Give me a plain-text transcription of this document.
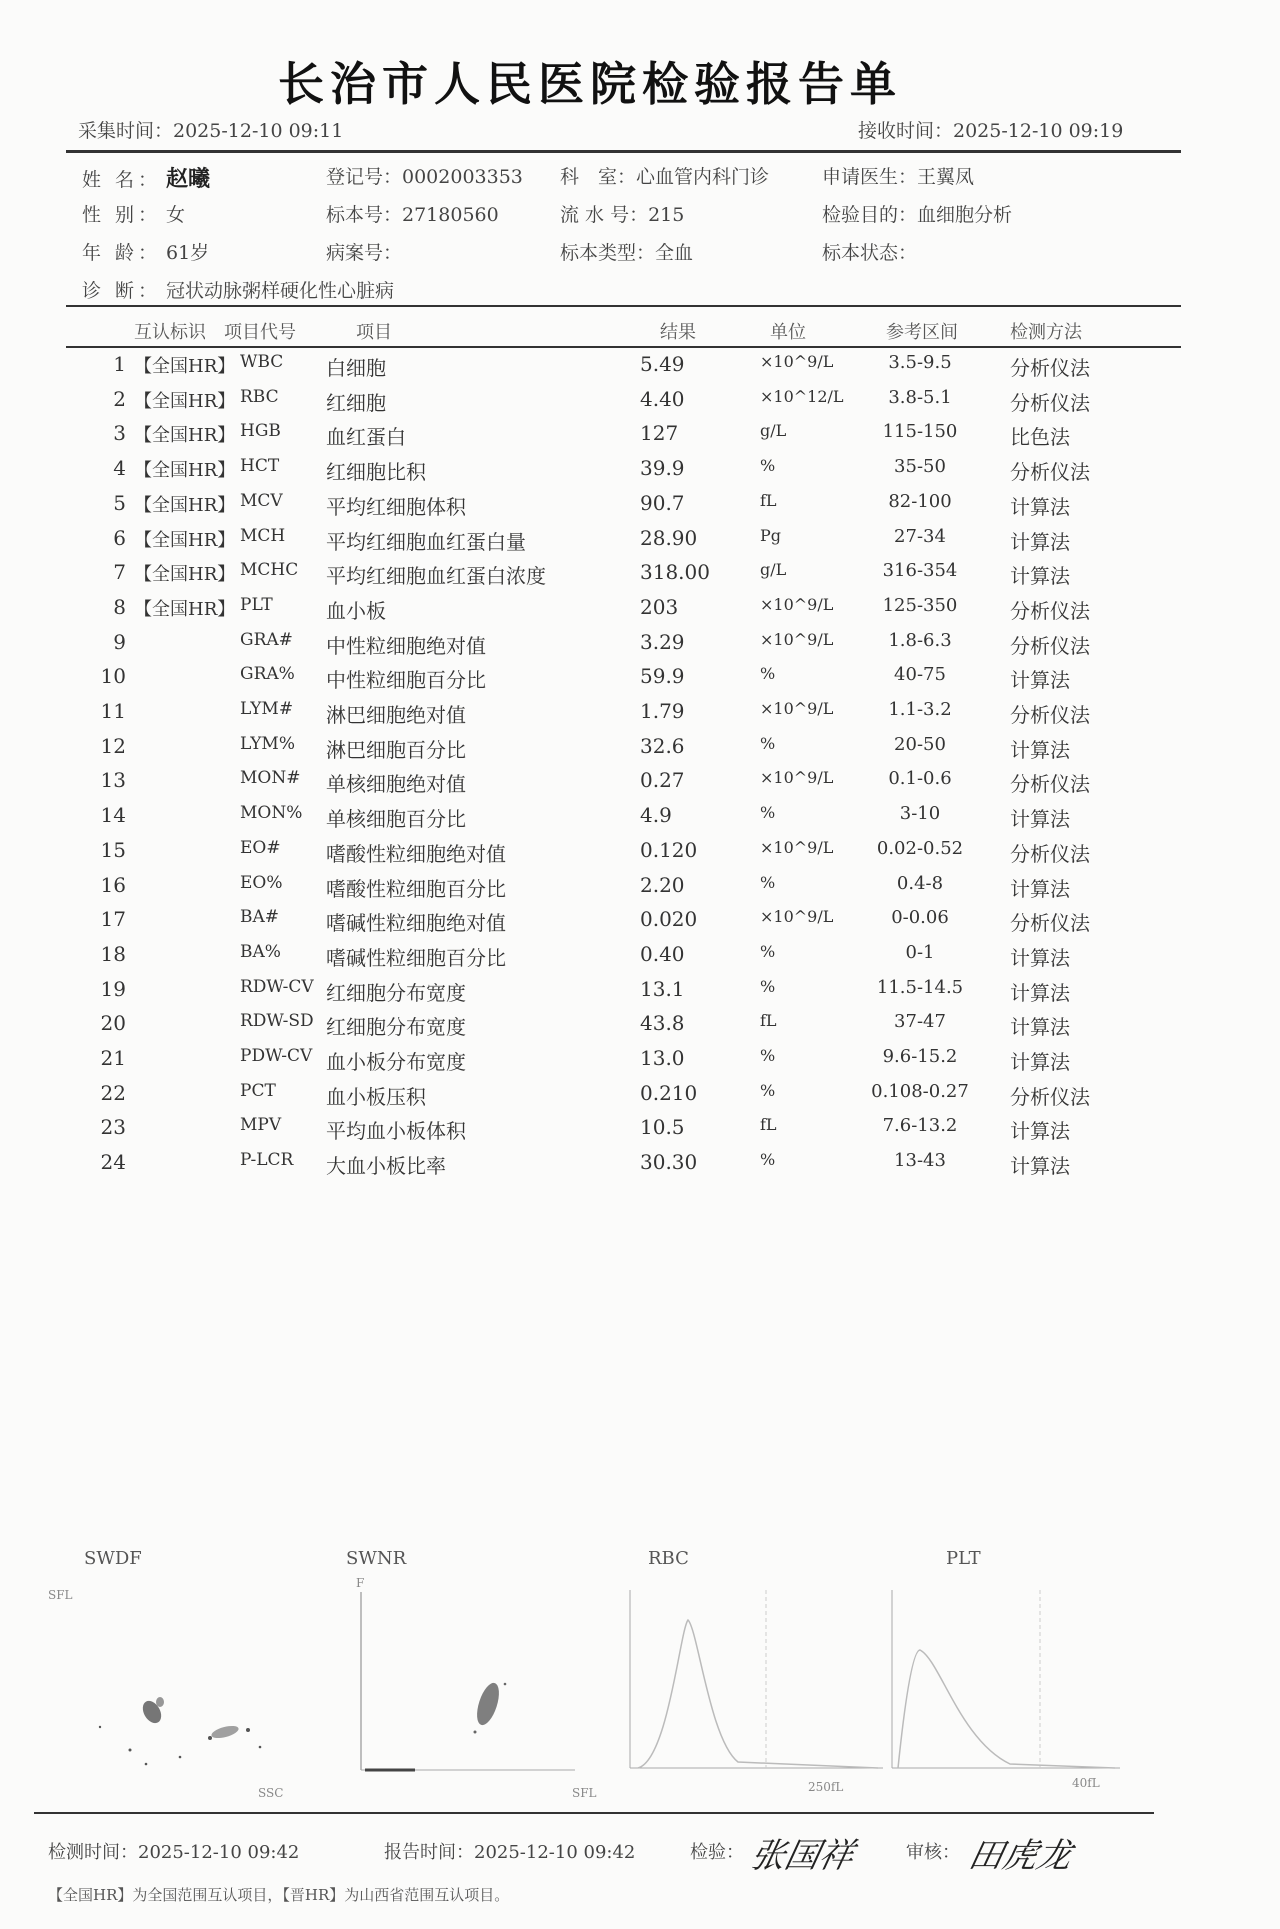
长治市人民医院检验报告单
采集时间：2025-12-10 09:11	接收时间：2025-12-10 09:19
姓 名： 赵曦
性 别： 女
年 龄： 61岁
诊 断： 冠状动脉粥样硬化性心脏病
登记号：0002003353
标本号：27180560
病案号：
科　室：心血管内科门诊
流 水 号：215
标本类型：全血
申请医生：王翼凤
检验目的：血细胞分析
标本状态：
互认标识 项目代号	项目	结果	单位	参考区间	检测方法
1 【全国HR】 WBC 白细胞	5.49	×10^9/L	3.5-9.5	分析仪法
2 【全国HR】 RBC 红细胞	4.40	×10^12/L	3.8-5.1	分析仪法
3 【全国HR】 HGB 血红蛋白	127	g/L	115-150	比色法
4 【全国HR】 HCT 红细胞比积	39.9	%	35-50	分析仪法
5 【全国HR】 MCV 平均红细胞体积	90.7	fL	82-100	计算法
6 【全国HR】 MCH 平均红细胞血红蛋白量	28.90	Pg	27-34	计算法
7 【全国HR】 MCHC 平均红细胞血红蛋白浓度	318.00	g/L	316-354	计算法
8 【全国HR】 PLT	血小板	203	×10^9/L	125-350	分析仪法
9	GRA# 中性粒细胞绝对值	3.29	×10^9/L	1.8-6.3	分析仪法
10	GRA% 中性粒细胞百分比	59.9	%	40-75	计算法
11	LYM# 淋巴细胞绝对值	1.79	×10^9/L	1.1-3.2	分析仪法
12	LYM% 淋巴细胞百分比	32.6	%	20-50	计算法
13	MON# 单核细胞绝对值	0.27	×10^9/L	0.1-0.6	分析仪法
14	MON% 单核细胞百分比	4.9	%	3-10	计算法
15	EO# 嗜酸性粒细胞绝对值	0.120	×10^9/L	0.02-0.52	分析仪法
16	EO% 嗜酸性粒细胞百分比	2.20	%	0.4-8	计算法
17	BA# 嗜碱性粒细胞绝对值	0.020	×10^9/L	0-0.06	分析仪法
18	BA% 嗜碱性粒细胞百分比	0.40	%	0-1	计算法
19	RDW-CV 红细胞分布宽度	13.1	%	11.5-14.5	计算法
20	RDW-SD 红细胞分布宽度	43.8	fL	37-47	计算法
21	PDW-CV 血小板分布宽度	13.0	%	9.6-15.2	计算法
22	PCT	血小板压积	0.210	%	0.108-0.27	分析仪法
23	MPV 平均血小板体积	10.5	fL	7.6-13.2	计算法
24	P-LCR 大血小板比率	30.30	%	13-43	计算法
SWDF	SWNR	RBC	PLT
SFL
SSC
F
SFL	250fL	40fL
检测时间：2025-12-10 09:42	报告时间：2025-12-10 09:42	检验： 张国祥	审核： 田虎龙
【全国HR】为全国范围互认项目，【晋HR】为山西省范围互认项目。
